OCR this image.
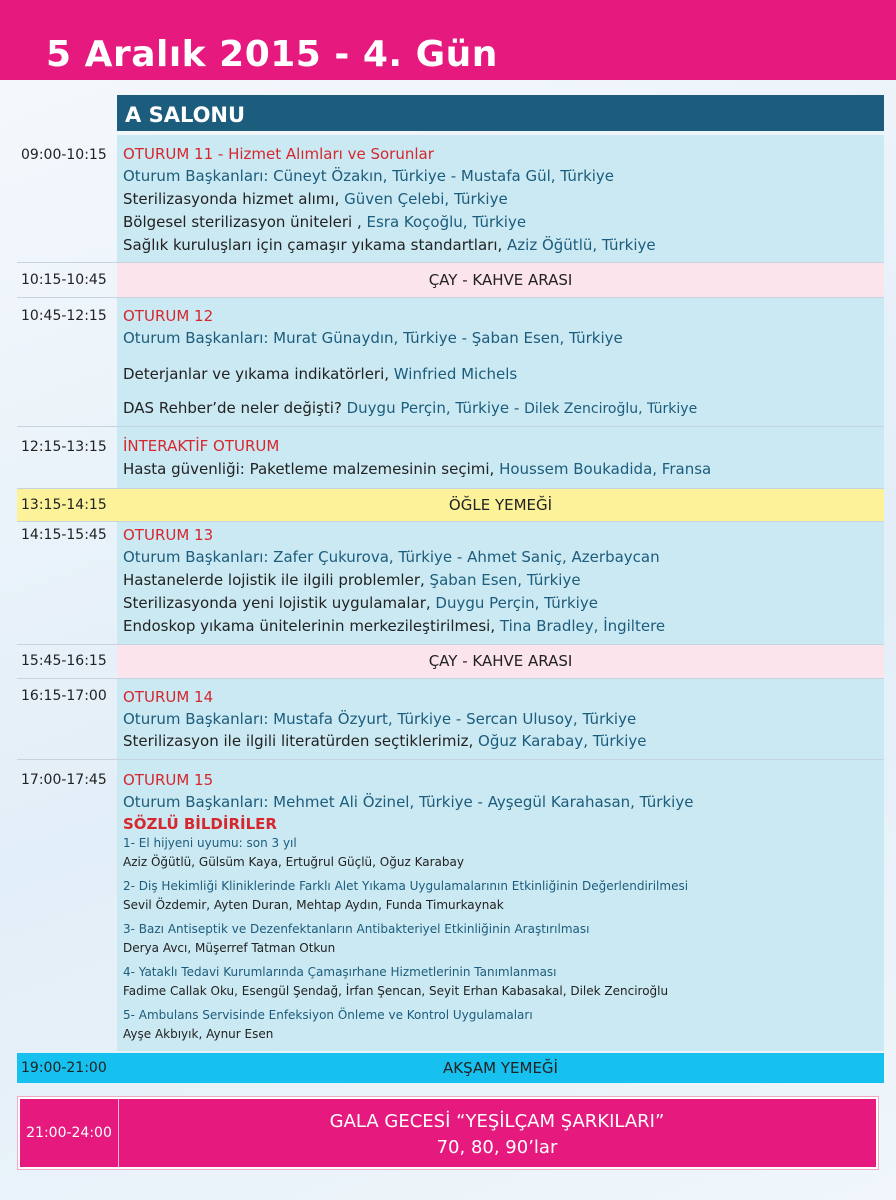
5 Aralık 2015 - 4. Gün
A SALONU
09:00-10:15	OTURUM 11 - Hizmet Alımları ve Sorunlar
Oturum Başkanları: Cüneyt Özakın, Türkiye - Mustafa Gül, Türkiye
Sterilizasyonda hizmet alımı, Güven Çelebi, Türkiye
Bölgesel sterilizasyon üniteleri , Esra Koçoğlu, Türkiye
Sağlık kuruluşları için çamaşır yıkama standartları, Aziz Öğütlü, Türkiye
10:15-10:45	ÇAY - KAHVE ARASI
10:45-12:15	OTURUM 12
Oturum Başkanları: Murat Günaydın, Türkiye - Şaban Esen, Türkiye
Deterjanlar ve yıkama indikatörleri, Winfried Michels
DAS Rehber’de neler değişti? Duygu Perçin, Türkiye - Dilek Zenciroğlu, Türkiye
12:15-13:15	İNTERAKTİF OTURUM
Hasta güvenliği: Paketleme malzemesinin seçimi, Houssem Boukadida, Fransa
13:15-14:15	ÖĞLE YEMEĞİ
14:15-15:45	OTURUM 13
Oturum Başkanları: Zafer Çukurova, Türkiye - Ahmet Saniç, Azerbaycan
Hastanelerde lojistik ile ilgili problemler, Şaban Esen, Türkiye
Sterilizasyonda yeni lojistik uygulamalar, Duygu Perçin, Türkiye
Endoskop yıkama ünitelerinin merkezileştirilmesi, Tina Bradley, İngiltere
15:45-16:15	ÇAY - KAHVE ARASI
16:15-17:00	OTURUM 14
Oturum Başkanları: Mustafa Özyurt, Türkiye - Sercan Ulusoy, Türkiye
Sterilizasyon ile ilgili literatürden seçtiklerimiz, Oğuz Karabay, Türkiye
17:00-17:45	OTURUM 15
Oturum Başkanları: Mehmet Ali Özinel, Türkiye - Ayşegül Karahasan, Türkiye
SÖZLÜ BİLDİRİLER
1- El hijyeni uyumu: son 3 yıl
Aziz Öğütlü, Gülsüm Kaya, Ertuğrul Güçlü, Oğuz Karabay
2- Diş Hekimliği Kliniklerinde Farklı Alet Yıkama Uygulamalarının Etkinliğinin Değerlendirilmesi
Sevil Özdemir, Ayten Duran, Mehtap Aydın, Funda Timurkaynak
3- Bazı Antiseptik ve Dezenfektanların Antibakteriyel Etkinliğinin Araştırılması
Derya Avcı, Müşerref Tatman Otkun
4- Yataklı Tedavi Kurumlarında Çamaşırhane Hizmetlerinin Tanımlanması
Fadime Callak Oku, Esengül Şendağ, İrfan Şencan, Seyit Erhan Kabasakal, Dilek Zenciroğlu
5- Ambulans Servisinde Enfeksiyon Önleme ve Kontrol Uygulamaları
Ayşe Akbıyık, Aynur Esen
19:00-21:00	AKŞAM YEMEĞİ
21:00-24:00
GALA GECESİ “YEŞİLÇAM ŞARKILARI”
70, 80, 90’lar
